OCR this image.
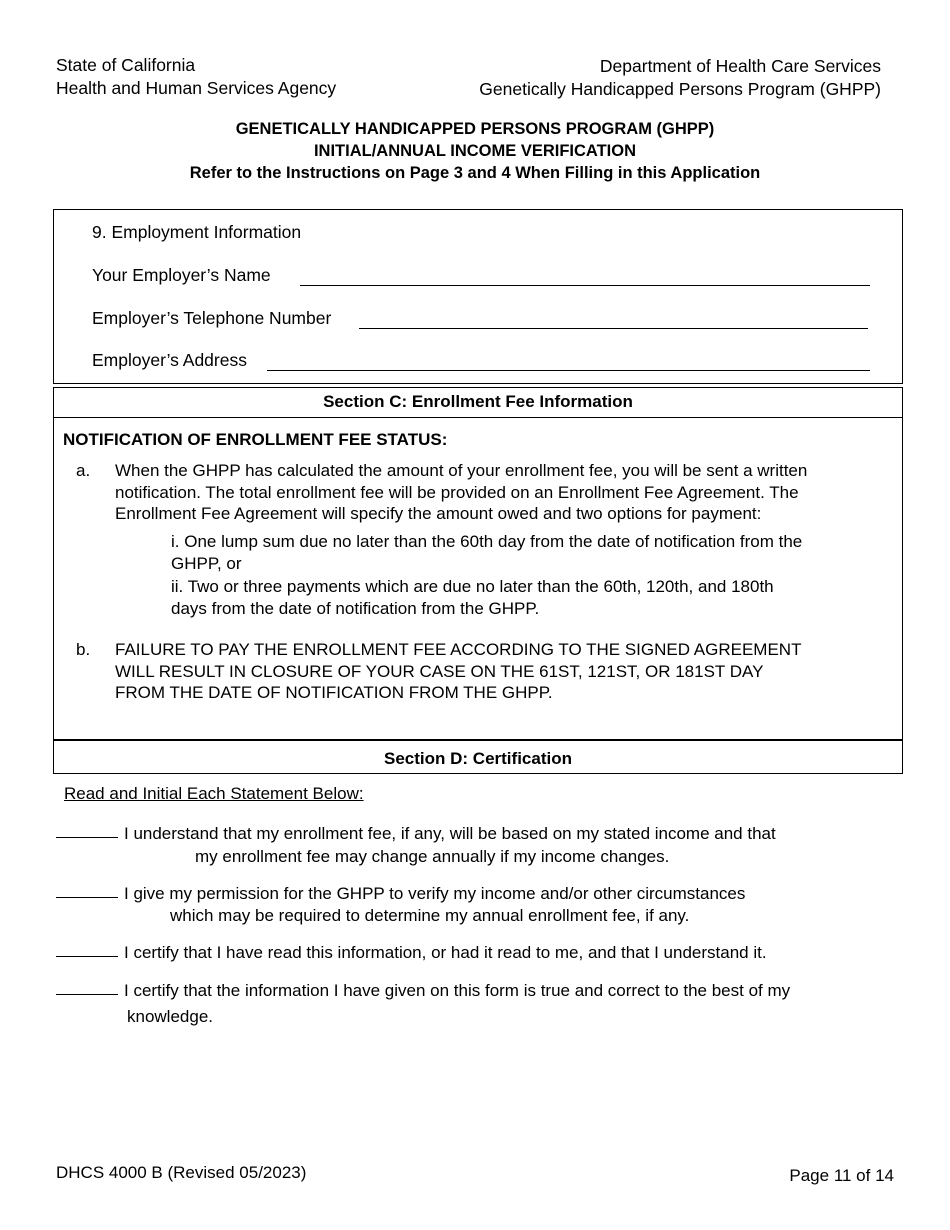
State of California
Health and Human Services Agency
Department of Health Care Services
Genetically Handicapped Persons Program (GHPP)
GENETICALLY HANDICAPPED PERSONS PROGRAM (GHPP)
INITIAL/ANNUAL INCOME VERIFICATION
Refer to the Instructions on Page 3 and 4 When Filling in this Application
9. Employment Information
Your Employer’s Name
Employer’s Telephone Number
Employer’s Address
Section C: Enrollment Fee Information
NOTIFICATION OF ENROLLMENT FEE STATUS:
a. When the GHPP has calculated the amount of your enrollment fee, you will be sent a written
notification. The total enrollment fee will be provided on an Enrollment Fee Agreement. The
Enrollment Fee Agreement will specify the amount owed and two options for payment:
i. One lump sum due no later than the 60th day from the date of notification from the
GHPP, or
ii. Two or three payments which are due no later than the 60th, 120th, and 180th
days from the date of notification from the GHPP.
b. FAILURE TO PAY THE ENROLLMENT FEE ACCORDING TO THE SIGNED AGREEMENT
WILL RESULT IN CLOSURE OF YOUR CASE ON THE 61ST, 121ST, OR 181ST DAY
FROM THE DATE OF NOTIFICATION FROM THE GHPP.
Section D: Certification
Read and Initial Each Statement Below:
I understand that my enrollment fee, if any, will be based on my stated income and that
my enrollment fee may change annually if my income changes.
I give my permission for the GHPP to verify my income and/or other circumstances
which may be required to determine my annual enrollment fee, if any.
I certify that I have read this information, or had it read to me, and that I understand it.
I certify that the information I have given on this form is true and correct to the best of my
knowledge.
DHCS 4000 B (Revised 05/2023)	Page 11 of 14
